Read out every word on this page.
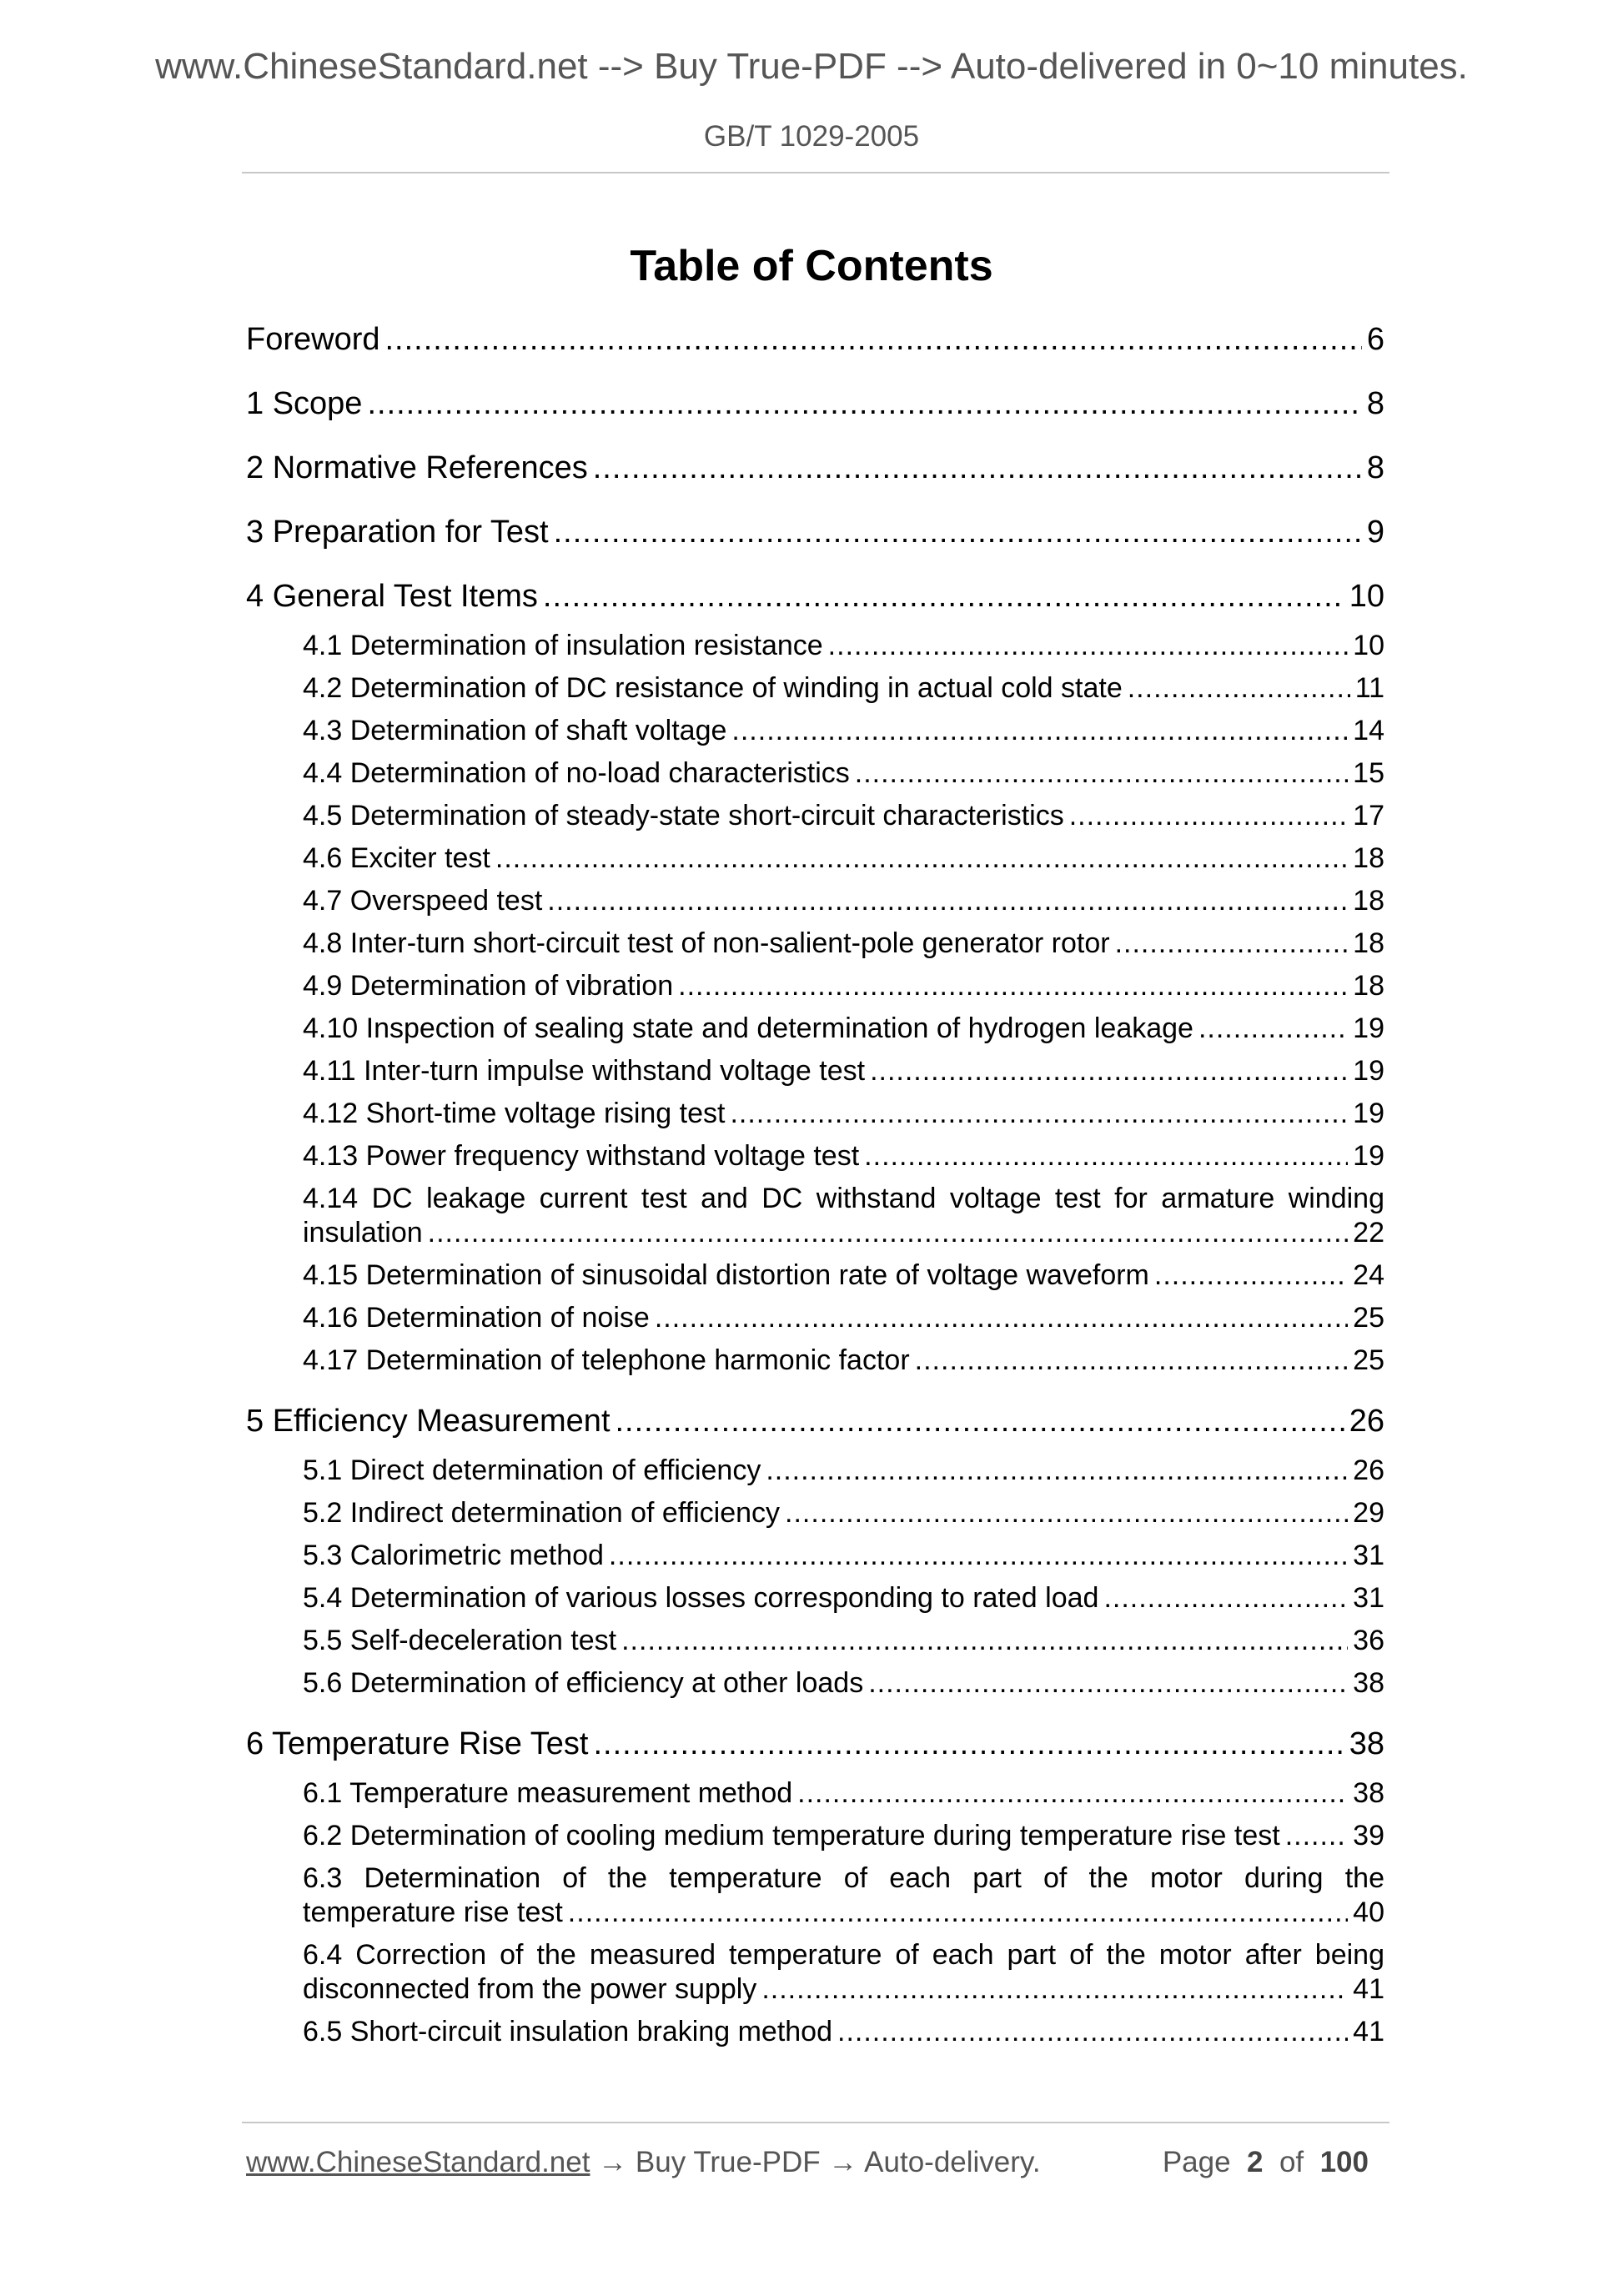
www.ChineseStandard.net --> Buy True-PDF --> Auto-delivered in 0~10 minutes.
GB/T 1029-2005
Table of Contents
Foreword .....	6
1 Scope .....	8
2 Normative References .....	8
3 Preparation for Test .....	9
4 General Test Items .....	10
4.1 Determination of insulation resistance .....	10
4.2 Determination of DC resistance of winding in actual cold state .....	11
4.3 Determination of shaft voltage .....	14
4.4 Determination of no-load characteristics .....	15
4.5 Determination of steady-state short-circuit characteristics .....	17
4.6 Exciter test .....	18
4.7 Overspeed test .....	18
4.8 Inter-turn short-circuit test of non-salient-pole generator rotor .....	18
4.9 Determination of vibration .....	18
4.10 Inspection of sealing state and determination of hydrogen leakage .....	19
4.11 Inter-turn impulse withstand voltage test .....	19
4.12 Short-time voltage rising test .....	19
4.13 Power frequency withstand voltage test .....	19
4.14 DC leakage current test and DC withstand voltage test for armature winding
insulation .....	22
4.15 Determination of sinusoidal distortion rate of voltage waveform .....	24
4.16 Determination of noise .....	25
4.17 Determination of telephone harmonic factor .....	25
5 Efficiency Measurement .....	26
5.1 Direct determination of efficiency .....	26
5.2 Indirect determination of efficiency .....	29
5.3 Calorimetric method .....	31
5.4 Determination of various losses corresponding to rated load .....	31
5.5 Self-deceleration test .....	36
5.6 Determination of efficiency at other loads .....	38
6 Temperature Rise Test .....	38
6.1 Temperature measurement method .....	38
6.2 Determination of cooling medium temperature during temperature rise test .....	39
6.3 Determination of the temperature of each part of the motor during the
temperature rise test .....	40
6.4 Correction of the measured temperature of each part of the motor after being
disconnected from the power supply .....	41
6.5 Short-circuit insulation braking method .....	41
www.ChineseStandard.net → Buy True-PDF → Auto-delivery.	Page 2 of 100
